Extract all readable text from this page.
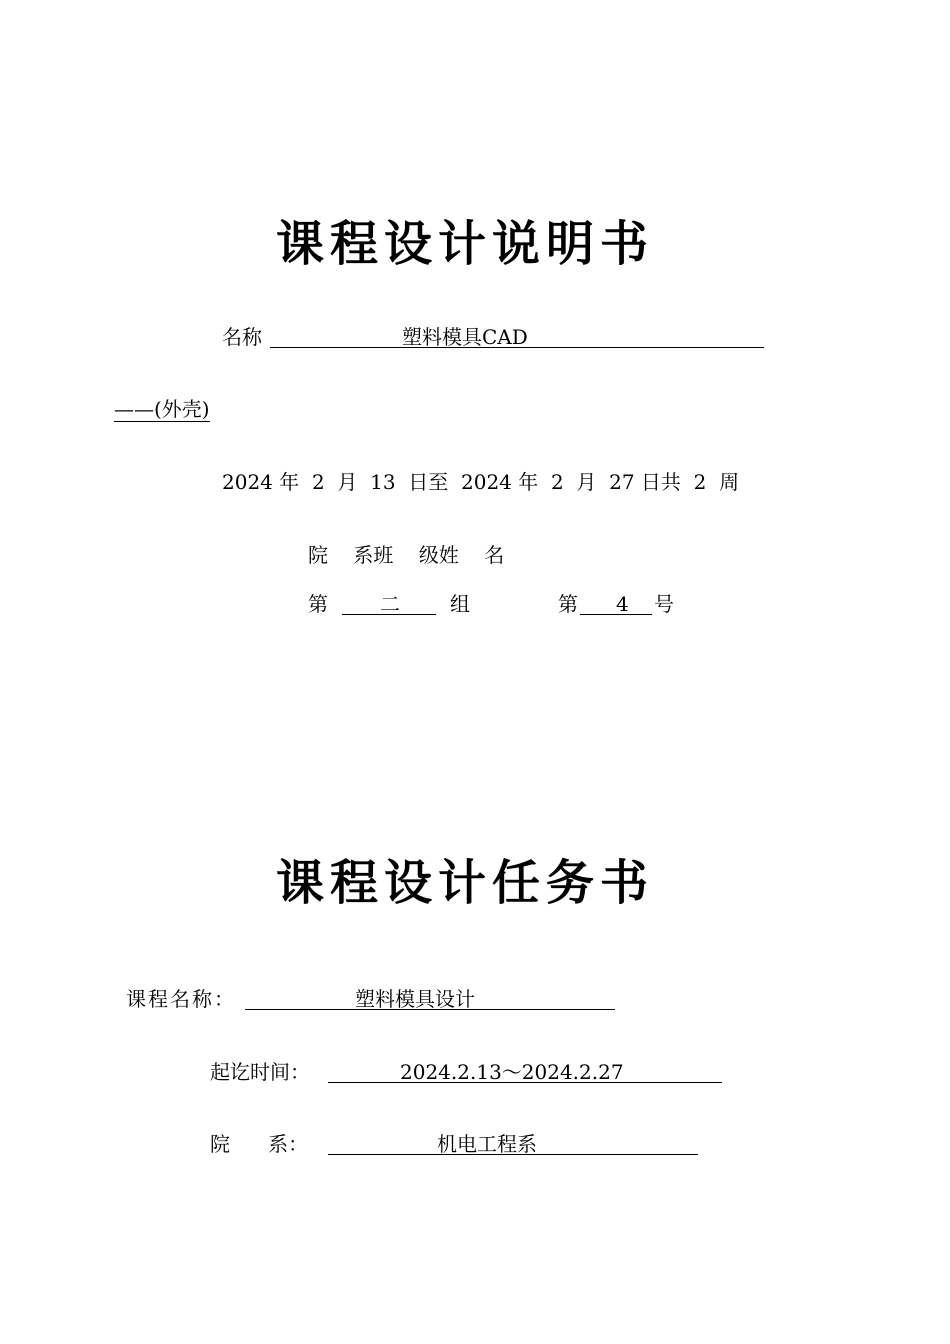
课程设计说明书
名称	塑料模具CAD
——(外壳)
2024 年  2  月  13  日至  2024 年  2  月  27 日共  2  周
院    系班    级姓    名
第	二	组	第 4 号
课程设计任务书
课程名称：	塑料模具设计
起讫时间：	2024.2.13～2024.2.27
院      系：	机电工程系
